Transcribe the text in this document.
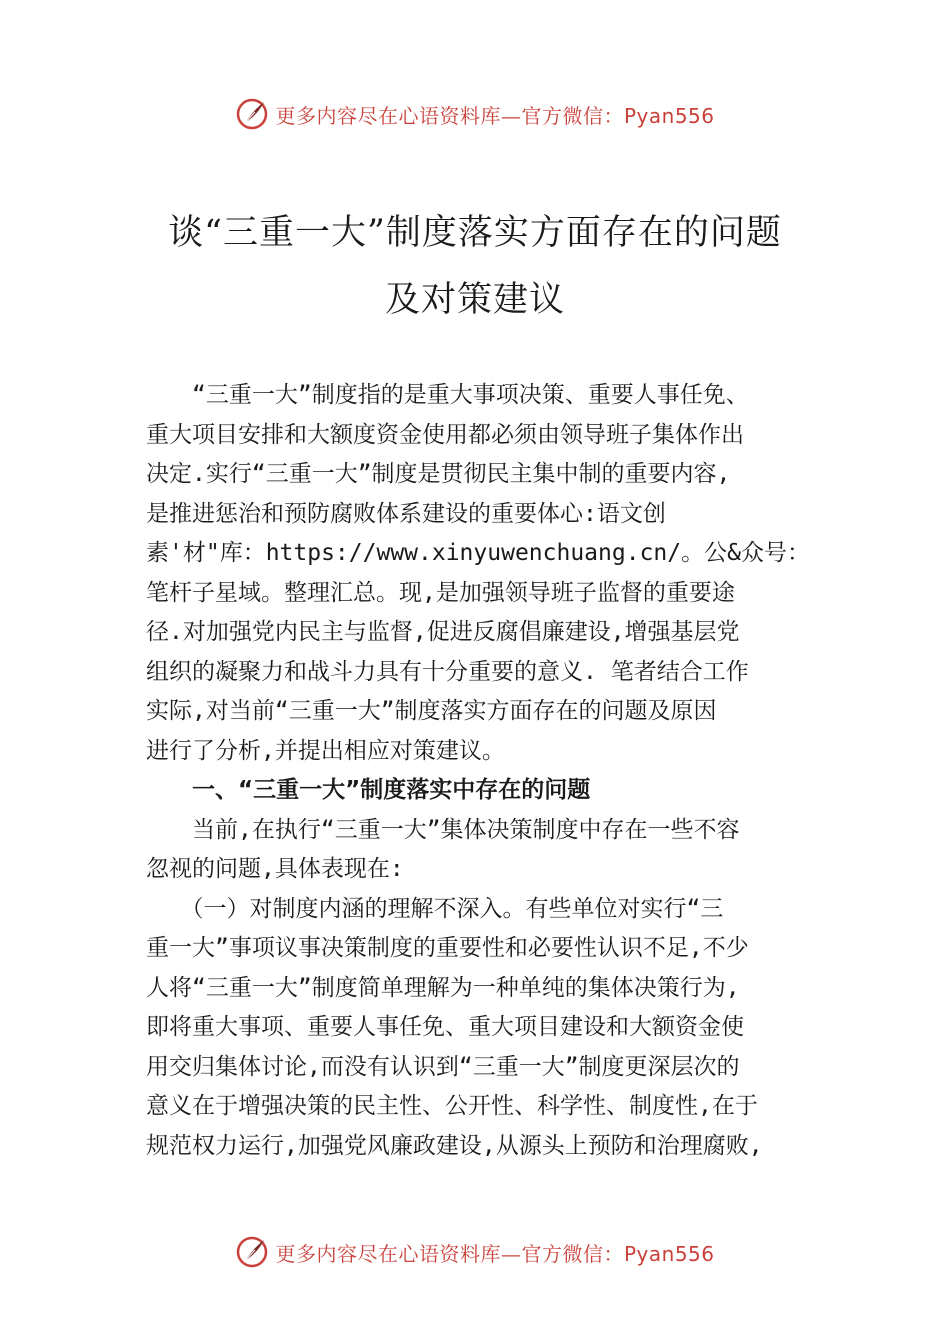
更多内容尽在心语资料库—官方微信：Pyan556
谈“三重一大”制度落实方面存在的问题
及对策建议
　　“三重一大”制度指的是重大事项决策、重要人事任免、
重大项目安排和大额度资金使用都必须由领导班子集体作出
决定.实行“三重一大”制度是贯彻民主集中制的重要内容,
是推进惩治和预防腐败体系建设的重要体心:语文创
素'材"库：https://www.xinyuwenchuang.cn/。公&众号：
笔杆子星域。整理汇总。现,是加强领导班子监督的重要途
径.对加强党内民主与监督,促进反腐倡廉建设,增强基层党
组织的凝聚力和战斗力具有十分重要的意义. 笔者结合工作
实际,对当前“三重一大”制度落实方面存在的问题及原因
进行了分析,并提出相应对策建议。
　　一、“三重一大”制度落实中存在的问题
　　当前,在执行“三重一大”集体决策制度中存在一些不容
忽视的问题,具体表现在:
　　（一）对制度内涵的理解不深入。有些单位对实行“三
重一大”事项议事决策制度的重要性和必要性认识不足,不少
人将“三重一大”制度简单理解为一种单纯的集体决策行为,
即将重大事项、重要人事任免、重大项目建设和大额资金使
用交归集体讨论,而没有认识到“三重一大”制度更深层次的
意义在于增强决策的民主性、公开性、科学性、制度性,在于
规范权力运行,加强党风廉政建设,从源头上预防和治理腐败,
更多内容尽在心语资料库—官方微信：Pyan556
